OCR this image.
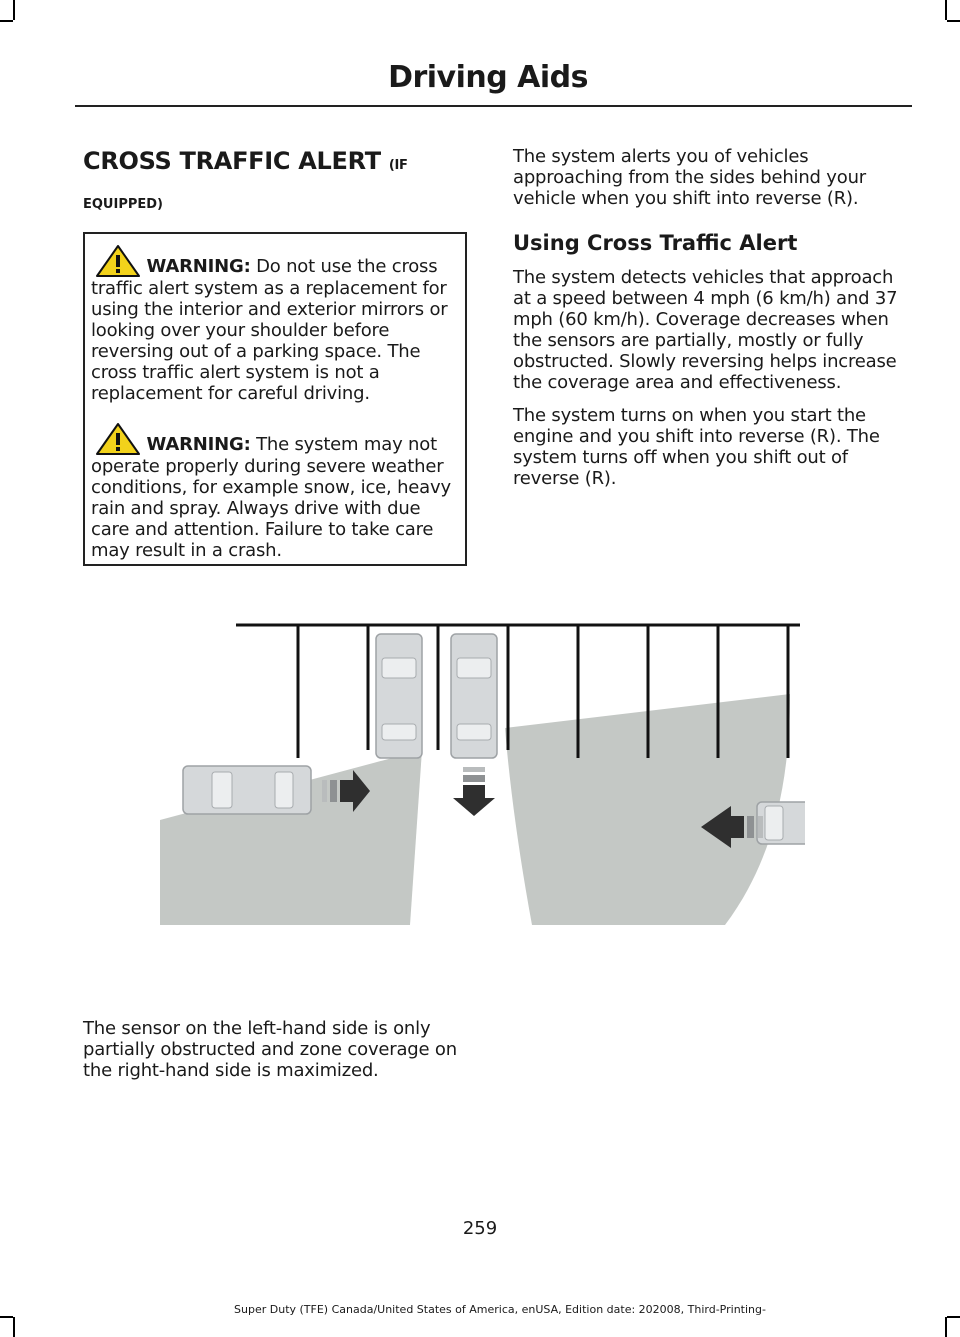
Driving Aids
CROSS TRAFFIC ALERT (IF
EQUIPPED)

WARNING: Do not use the cross traffic alert system as a replacement for using the interior and exterior mirrors or looking over your shoulder before reversing out of a parking space. The cross traffic alert system is not a replacement for careful driving.

WARNING: The system may not operate properly during severe weather conditions, for example snow, ice, heavy rain and spray. Always drive with due care and attention. Failure to take care may result in a crash.

The system alerts you of vehicles approaching from the sides behind your vehicle when you shift into reverse (R).

Using Cross Traffic Alert

The system detects vehicles that approach at a speed between 4 mph (6 km/h) and 37 mph (60 km/h). Coverage decreases when the sensors are partially, mostly or fully obstructed. Slowly reversing helps increase the coverage area and effectiveness.

The system turns on when you start the engine and you shift into reverse (R). The system turns off when you shift out of reverse (R).

The sensor on the left-hand side is only partially obstructed and zone coverage on the right-hand side is maximized.
259
Super Duty (TFE) Canada/United States of America, enUSA, Edition date: 202008, Third-Printing-
